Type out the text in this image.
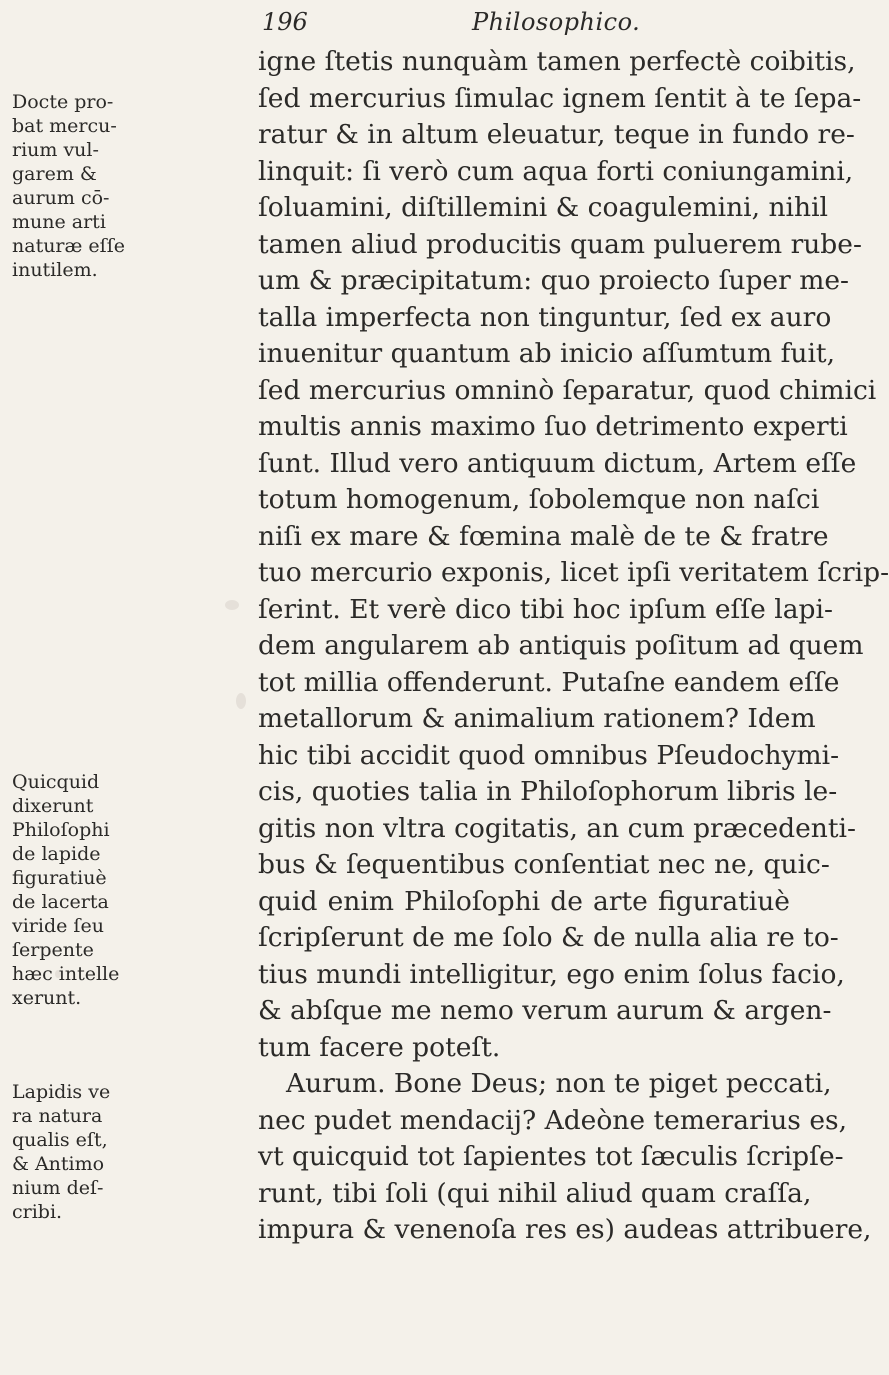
196	Philosophico.
Docte pro-
bat mercu-
rium vul-
garem &
aurum cō-
mune arti
naturæ eſſe
inutilem.
Quicquid
dixerunt
Philoſophi
de lapide
figuratiuè
de lacerta
viride ſeu
ſerpente
hæc intelle
xerunt.
Lapidis ve
ra natura
qualis eſt,
& Antimo
nium deſ-
cribi.
igne ſtetis nunquàm tamen perfectè coibitis,
ſed mercurius ſimulac ignem ſentit à te ſepa-
ratur & in altum eleuatur, teque in fundo re-
linquit: ſi verò cum aqua forti coniungamini,
ſoluamini, diſtillemini & coagulemini, nihil
tamen aliud producitis quam puluerem rube-
um & præcipitatum: quo proiecto ſuper me-
talla imperfecta non tinguntur, ſed ex auro
inuenitur quantum ab inicio aſſumtum fuit,
ſed mercurius omninò ſeparatur, quod chimici
multis annis maximo ſuo detrimento experti
ſunt. Illud vero antiquum dictum, Artem eſſe
totum homogenum, ſobolemque non naſci
niſi ex mare & fœmina malè de te & fratre
tuo mercurio exponis, licet ipſi veritatem ſcrip-
ſerint. Et verè dico tibi hoc ipſum eſſe lapi-
dem angularem ab antiquis poſitum ad quem
tot millia offenderunt. Putaſne eandem eſſe
metallorum & animalium rationem? Idem
hic tibi accidit quod omnibus Pſeudochymi-
cis, quoties talia in Philoſophorum libris le-
gitis non vltra cogitatis, an cum præcedenti-
bus & ſequentibus conſentiat nec ne, quic-
quid enim Philoſophi de arte figuratiuè
ſcripſerunt de me ſolo & de nulla alia re to-
tius mundi intelligitur, ego enim ſolus facio,
& abſque me nemo verum aurum & argen-
tum facere poteſt.
Aurum. Bone Deus; non te piget peccati,
nec pudet mendacij? Adeòne temerarius es,
vt quicquid tot ſapientes tot ſæculis ſcripſe-
runt, tibi ſoli (qui nihil aliud quam craſſa,
impura & venenoſa res es) audeas attribuere,
